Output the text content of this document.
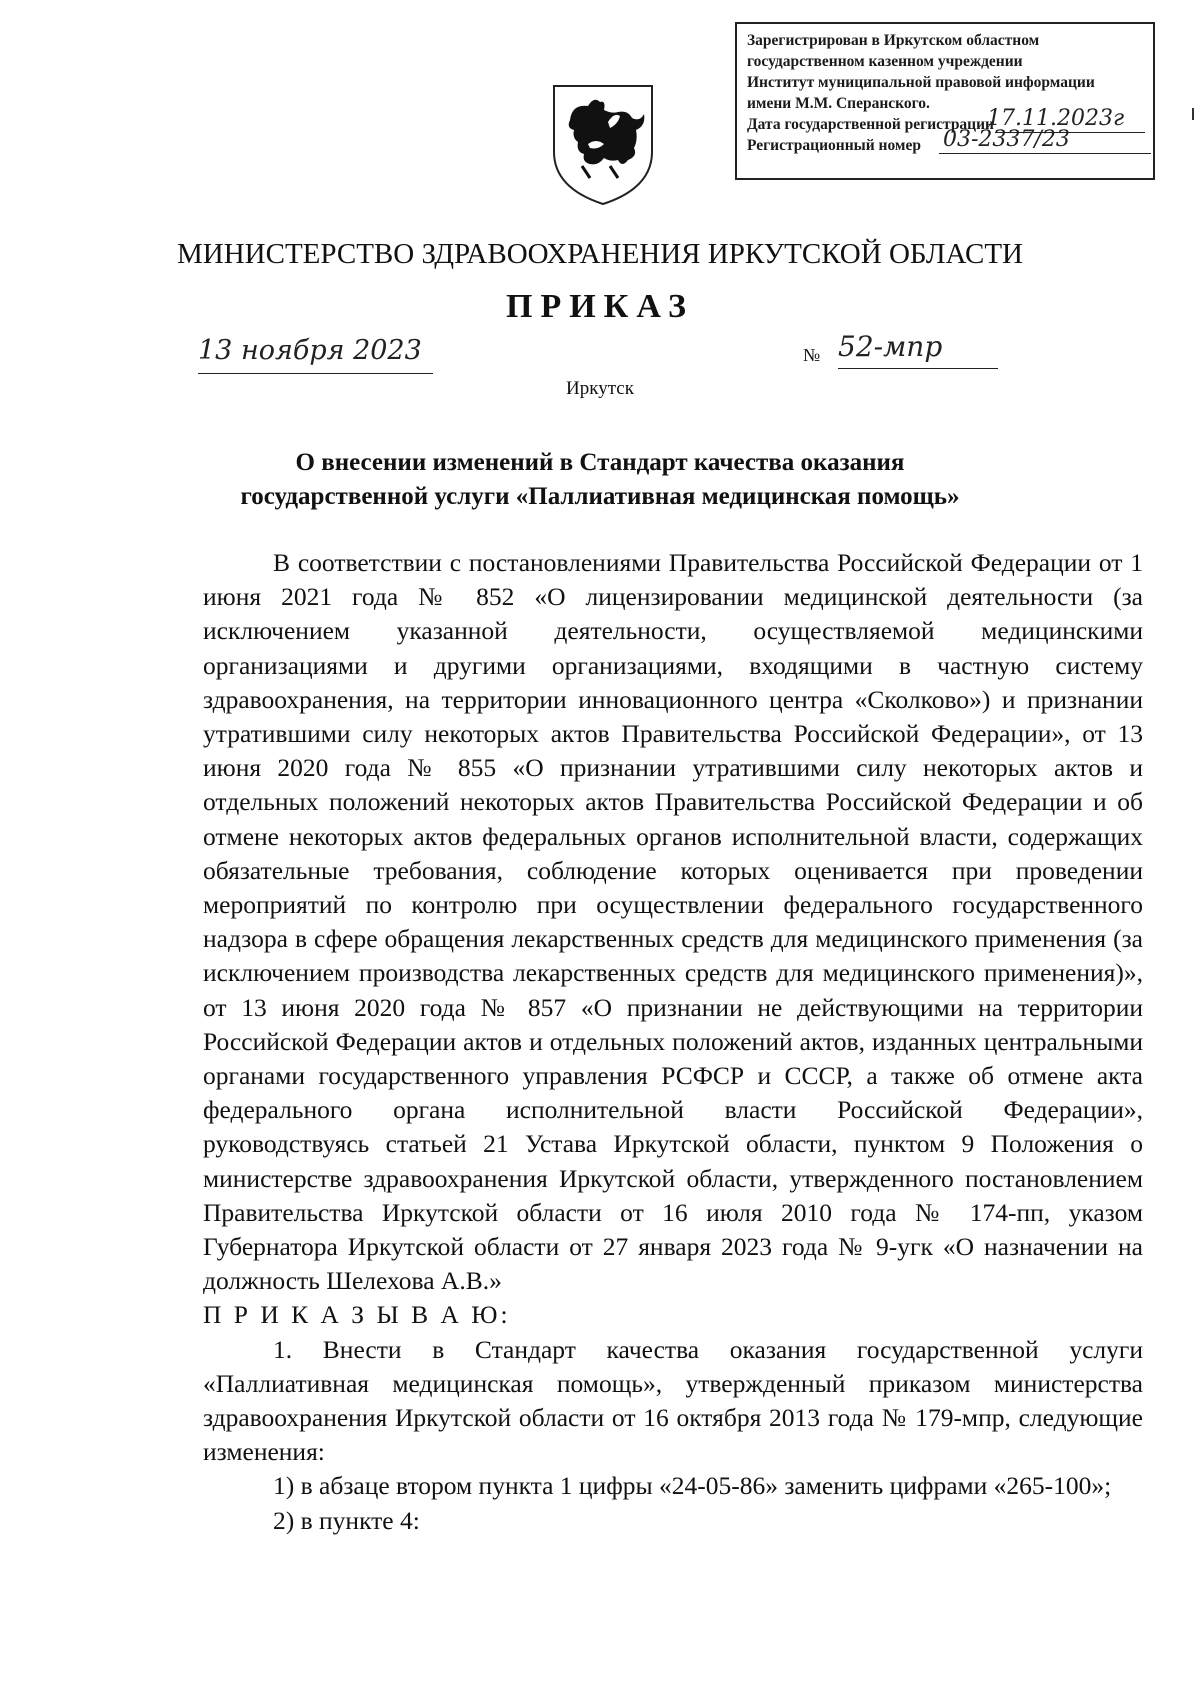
Зарегистрирован в Иркутском областном
государственном казенном учреждении
Институт муниципальной правовой информации
имени М.М. Сперанского.
Дата государственной регистрации
17.11.2023г
Регистрационный номер 03-2337/23
МИНИСТЕРСТВО ЗДРАВООХРАНЕНИЯ ИРКУТСКОЙ ОБЛАСТИ
ПРИКАЗ
13 ноября 2023	№ 52-мпр
Иркутск
О внесении изменений в Стандарт качества оказания
государственной услуги «Паллиативная медицинская помощь»

В соответствии с постановлениями Правительства Российской Федерации от 1 июня 2021 года № 852 «О лицензировании медицинской деятельности (за исключением указанной деятельности, осуществляемой медицинскими организациями и другими организациями, входящими в частную систему здравоохранения, на территории инновационного центра «Сколково») и признании утратившими силу некоторых актов Правительства Российской Федерации», от 13 июня 2020 года № 855 «О признании утратившими силу некоторых актов и отдельных положений некоторых актов Правительства Российской Федерации и об отмене некоторых актов федеральных органов исполнительной власти, содержащих обязательные требования, соблюдение которых оценивается при проведении мероприятий по контролю при осуществлении федерального государственного надзора в сфере обращения лекарственных средств для медицинского применения (за исключением производства лекарственных средств для медицинского применения)», от 13 июня 2020 года № 857 «О признании не действующими на территории Российской Федерации актов и отдельных положений актов, изданных центральными органами государственного управления РСФСР и СССР, а также об отмене акта федерального органа исполнительной власти Российской Федерации», руководствуясь статьей 21 Устава Иркутской области, пунктом 9 Положения о министерстве здравоохранения Иркутской области, утвержденного постановлением Правительства Иркутской области от 16 июля 2010 года № 174-пп, указом Губернатора Иркутской области от 27 января 2023 года № 9-угк «О назначении на должность Шелехова А.В.»

П Р И К А З Ы В А Ю:

1. Внести в Стандарт качества оказания государственной услуги «Паллиативная медицинская помощь», утвержденный приказом министерства здравоохранения Иркутской области от 16 октября 2013 года № 179-мпр, следующие изменения:

1) в абзаце втором пункта 1 цифры «24-05-86» заменить цифрами «265-100»;

2) в пункте 4:
